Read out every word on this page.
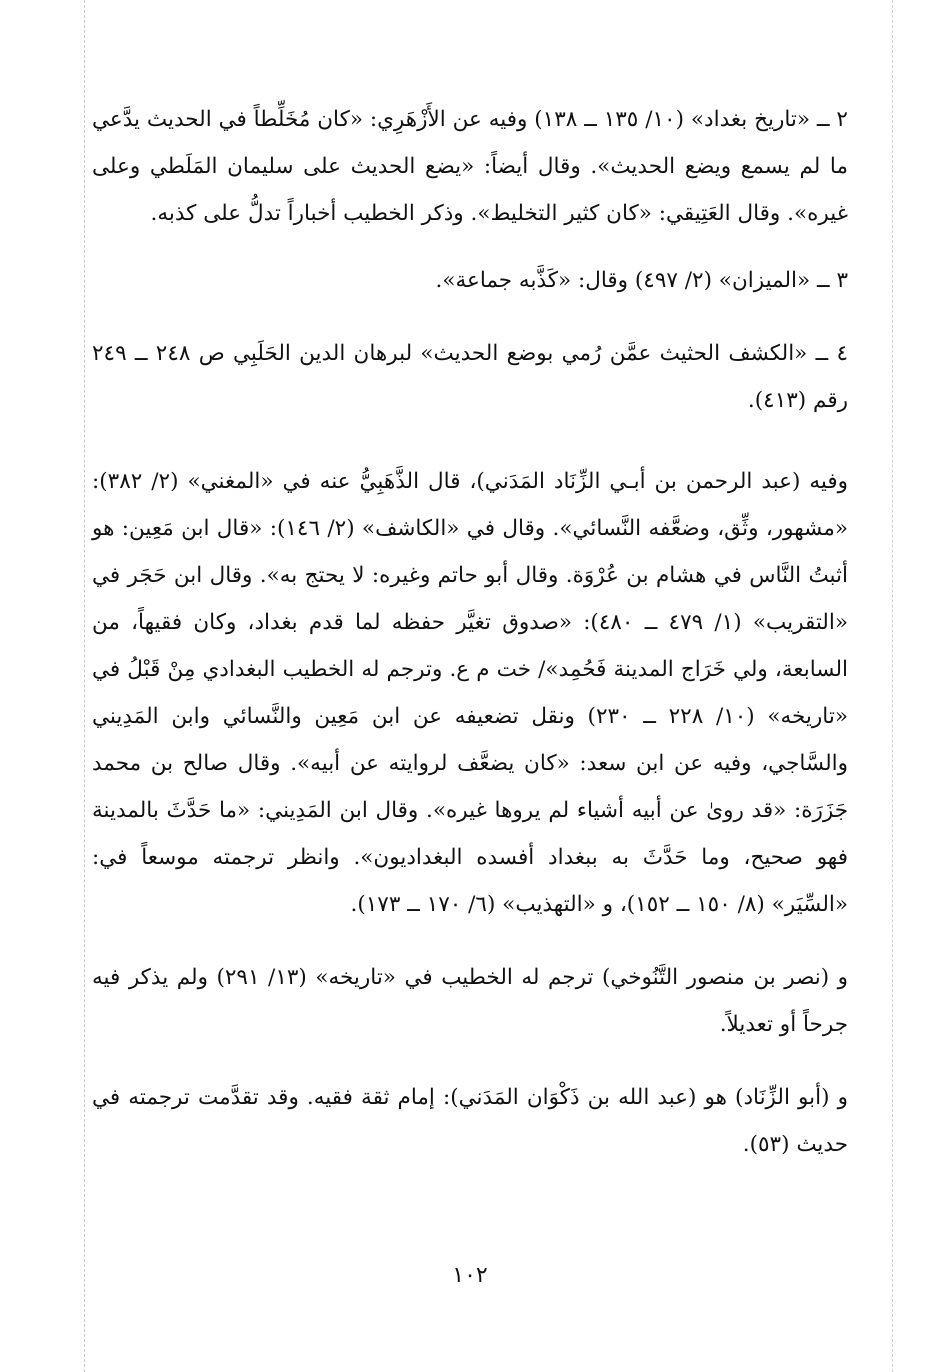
٢ ــ «تاريخ بغداد» (١٠/ ١٣٥ ــ ١٣٨) وفيه عن الأَزْهَرِي: «كان مُخَلِّطاً في الحديث يدَّعي ما لم يسمع ويضع الحديث». وقال أيضاً: «يضع الحديث على سليمان المَلَطي وعلى غيره». وقال العَتِيقي: «كان كثير التخليط». وذكر الخطيب أخباراً تدلُّ على كذبه.

٣ ــ «الميزان» (٢/ ٤٩٧) وقال: «كَذَّبه جماعة».

٤ ــ «الكشف الحثيث عمَّن رُمي بوضع الحديث» لبرهان الدين الحَلَبِي ص ٢٤٨ ــ ٢٤٩ رقم (٤١٣).

وفيه (عبد الرحمن بن أبـي الزِّنَاد المَدَني)، قال الذَّهَبِيُّ عنه في «المغني» (٢/ ٣٨٢): «مشهور، وثِّق، وضعَّفه النَّسائي». وقال في «الكاشف» (٢/ ١٤٦): «قال ابن مَعِين: هو أثبتُ النَّاس في هشام بن عُرْوَة. وقال أبو حاتم وغيره: لا يحتج به». وقال ابن حَجَر في «التقريب» (١/ ٤٧٩ ــ ٤٨٠): «صدوق تغيَّر حفظه لما قدم بغداد، وكان فقيهاً، من السابعة، ولي خَرَاج المدينة فَحُمِد»/ خت م ع. وترجم له الخطيب البغدادي مِنْ قَبْلُ في «تاريخه» (١٠/ ٢٢٨ ــ ٢٣٠) ونقل تضعيفه عن ابن مَعِين والنَّسائي وابن المَدِيني والسَّاجي، وفيه عن ابن سعد: «كان يضعَّف لروايته عن أبيه». وقال صالح بن محمد جَزَرَة: «قد روىٰ عن أبيه أشياء لم يروها غيره». وقال ابن المَدِيني: «ما حَدَّثَ بالمدينة فهو صحيح، وما حَدَّثَ به ببغداد أفسده البغداديون». وانظر ترجمته موسعاً في: «السِّيَر» (٨/ ١٥٠ ــ ١٥٢)، و «التهذيب» (٦/ ١٧٠ ــ ١٧٣).

و (نصر بن منصور التَّنُوخي) ترجم له الخطيب في «تاريخه» (١٣/ ٢٩١) ولم يذكر فيه جرحاً أو تعديلاً.

و (أبو الزِّنَاد) هو (عبد الله بن ذَكْوَان المَدَني): إمام ثقة فقيه. وقد تقدَّمت ترجمته في حديث (٥٣).

١٠٢
